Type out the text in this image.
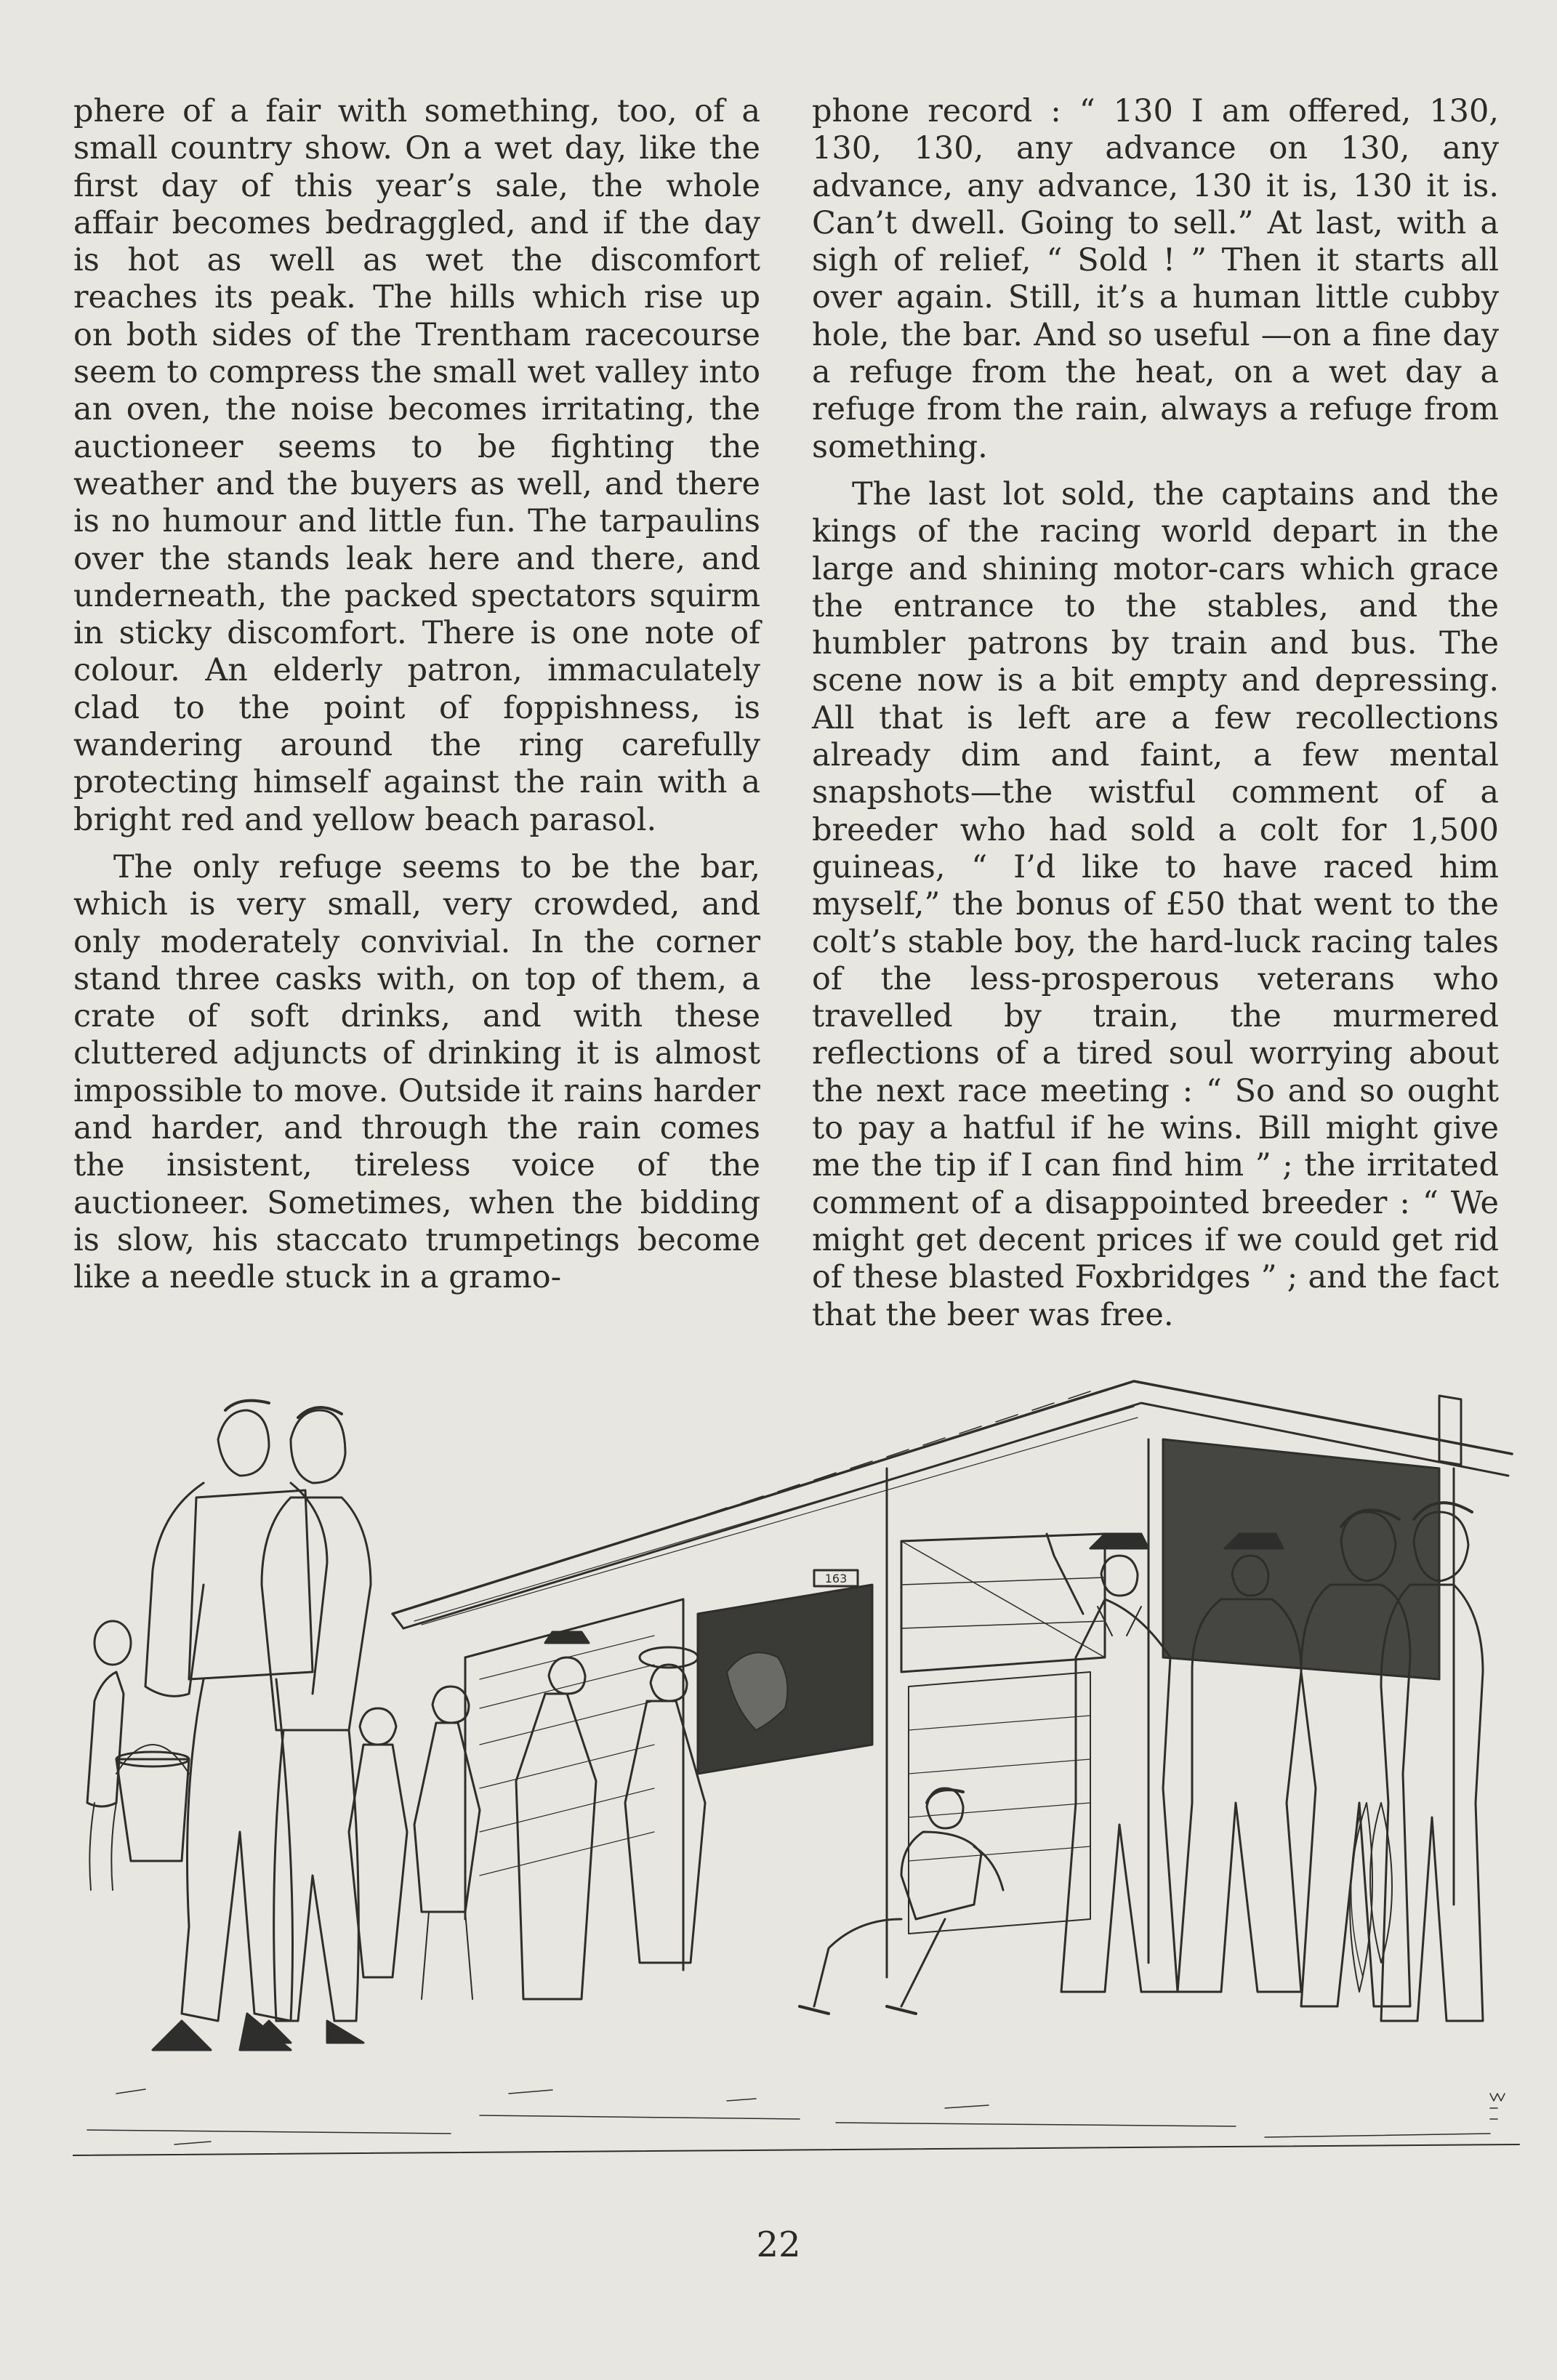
phere of a fair with something, too, of a small country show. On a wet day, like the first day of this year’s sale, the whole affair becomes bedraggled, and if the day is hot as well as wet the discomfort reaches its peak. The hills which rise up on both sides of the Trentham racecourse seem to compress the small wet valley into an oven, the noise becomes irritating, the auctioneer seems to be fighting the weather and the buyers as well, and there is no humour and little fun. The tarpaulins over the stands leak here and there, and underneath, the packed spectators squirm in sticky discomfort. There is one note of colour. An elderly patron, immaculately clad to the point of foppishness, is wandering around the ring carefully protecting himself against the rain with a bright red and yellow beach parasol.

The only refuge seems to be the bar, which is very small, very crowded, and only moderately convivial. In the corner stand three casks with, on top of them, a crate of soft drinks, and with these cluttered adjuncts of drinking it is almost impossible to move. Outside it rains harder and harder, and through the rain comes the insistent, tireless voice of the auctioneer. Sometimes, when the bidding is slow, his staccato trumpetings become like a needle stuck in a gramo-

phone record : “ 130 I am offered, 130, 130, 130, any advance on 130, any advance, any advance, 130 it is, 130 it is. Can’t dwell. Going to sell.” At last, with a sigh of relief, “ Sold ! ” Then it starts all over again. Still, it’s a human little cubby hole, the bar. And so useful —on a fine day a refuge from the heat, on a wet day a refuge from the rain, always a refuge from something.

The last lot sold, the captains and the kings of the racing world depart in the large and shining motor-cars which grace the entrance to the stables, and the humbler patrons by train and bus. The scene now is a bit empty and depressing. All that is left are a few recollections already dim and faint, a few mental snapshots—the wistful comment of a breeder who had sold a colt for 1,500 guineas, “ I’d like to have raced him myself,” the bonus of £50 that went to the colt’s stable boy, the hard-luck racing tales of the less-prosperous veterans who travelled by train, the murmered reflections of a tired soul worrying about the next race meeting : “ So and so ought to pay a hatful if he wins. Bill might give me the tip if I can find him ” ; the irritated comment of a disappointed breeder : “ We might get decent prices if we could get rid of these blasted Foxbridges ” ; and the fact that the beer was free.

163
22
